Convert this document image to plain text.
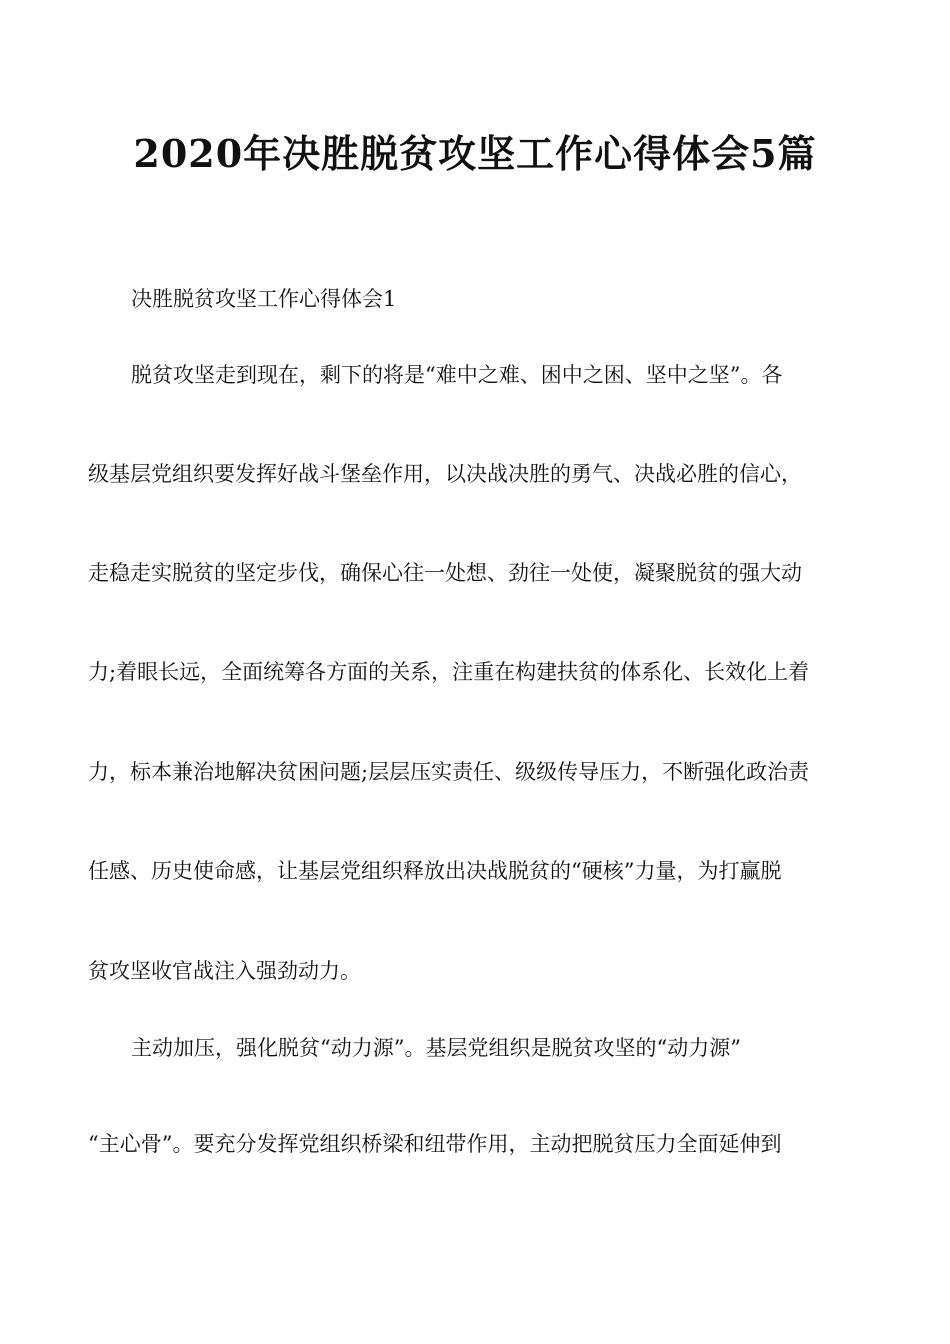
2020年决胜脱贫攻坚工作心得体会5篇

决胜脱贫攻坚工作心得体会1

脱贫攻坚走到现在，剩下的将是“难中之难、困中之困、坚中之坚”。各

级基层党组织要发挥好战斗堡垒作用，以决战决胜的勇气、决战必胜的信心，

走稳走实脱贫的坚定步伐，确保心往一处想、劲往一处使，凝聚脱贫的强大动

力;着眼长远，全面统筹各方面的关系，注重在构建扶贫的体系化、长效化上着

力，标本兼治地解决贫困问题;层层压实责任、级级传导压力，不断强化政治责

任感、历史使命感，让基层党组织释放出决战脱贫的“硬核”力量，为打赢脱

贫攻坚收官战注入强劲动力。

主动加压，强化脱贫“动力源”。基层党组织是脱贫攻坚的“动力源”

“主心骨”。要充分发挥党组织桥梁和纽带作用，主动把脱贫压力全面延伸到
